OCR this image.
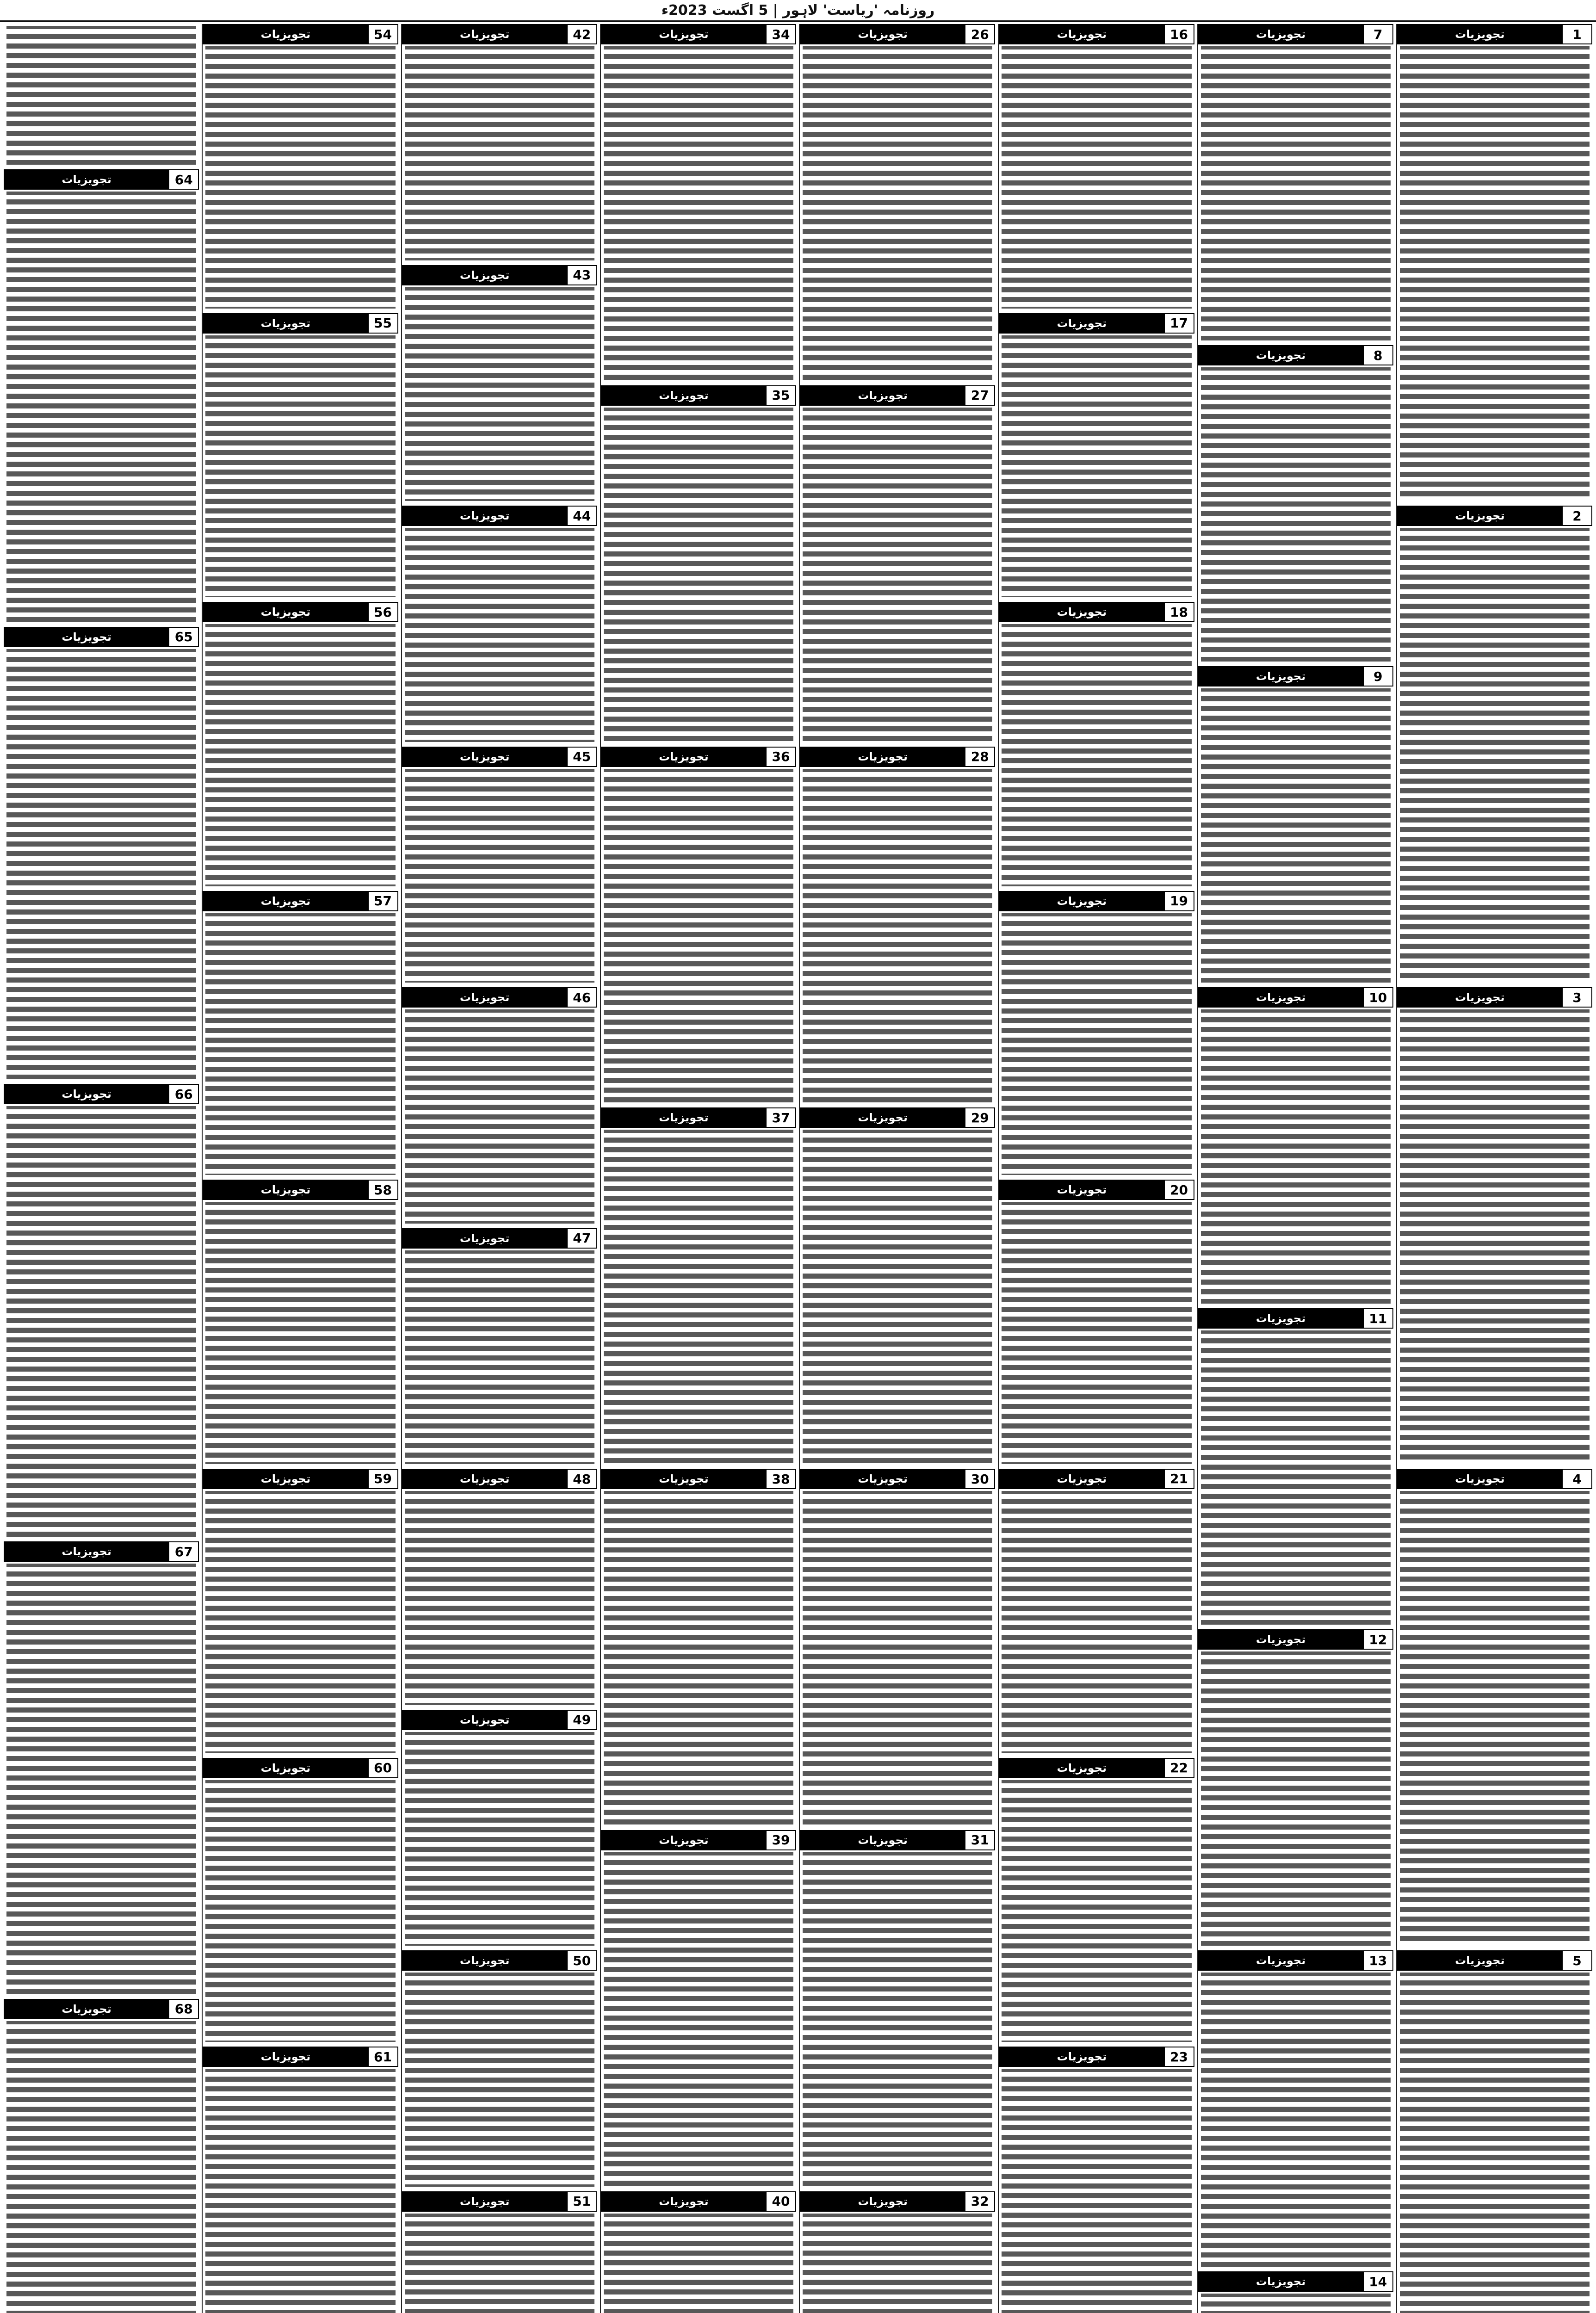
روزنامہ 'ریاست' لاہور | 5 اگست 2023ء
1
تجویزیات
2
تجویزیات
3
تجویزیات
4
تجویزیات
5
تجویزیات
7
تجویزیات
8
تجویزیات
9
تجویزیات
10
تجویزیات
11
تجویزیات
12
تجویزیات
13
تجویزیات
14
تجویزیات
16
تجویزیات
17
تجویزیات
18
تجویزیات
19
تجویزیات
20
تجویزیات
21
تجویزیات
22
تجویزیات
23
تجویزیات
26
تجویزیات
27
تجویزیات
28
تجویزیات
29
تجویزیات
30
تجویزیات
31
تجویزیات
32
تجویزیات
34
تجویزیات
35
تجویزیات
36
تجویزیات
37
تجویزیات
38
تجویزیات
39
تجویزیات
40
تجویزیات
42
تجویزیات
43
تجویزیات
44
تجویزیات
45
تجویزیات
46
تجویزیات
47
تجویزیات
48
تجویزیات
49
تجویزیات
50
تجویزیات
51
تجویزیات
54
تجویزیات
55
تجویزیات
56
تجویزیات
57
تجویزیات
58
تجویزیات
59
تجویزیات
60
تجویزیات
61
تجویزیات
64
تجویزیات
65
تجویزیات
66
تجویزیات
67
تجویزیات
68
تجویزیات
